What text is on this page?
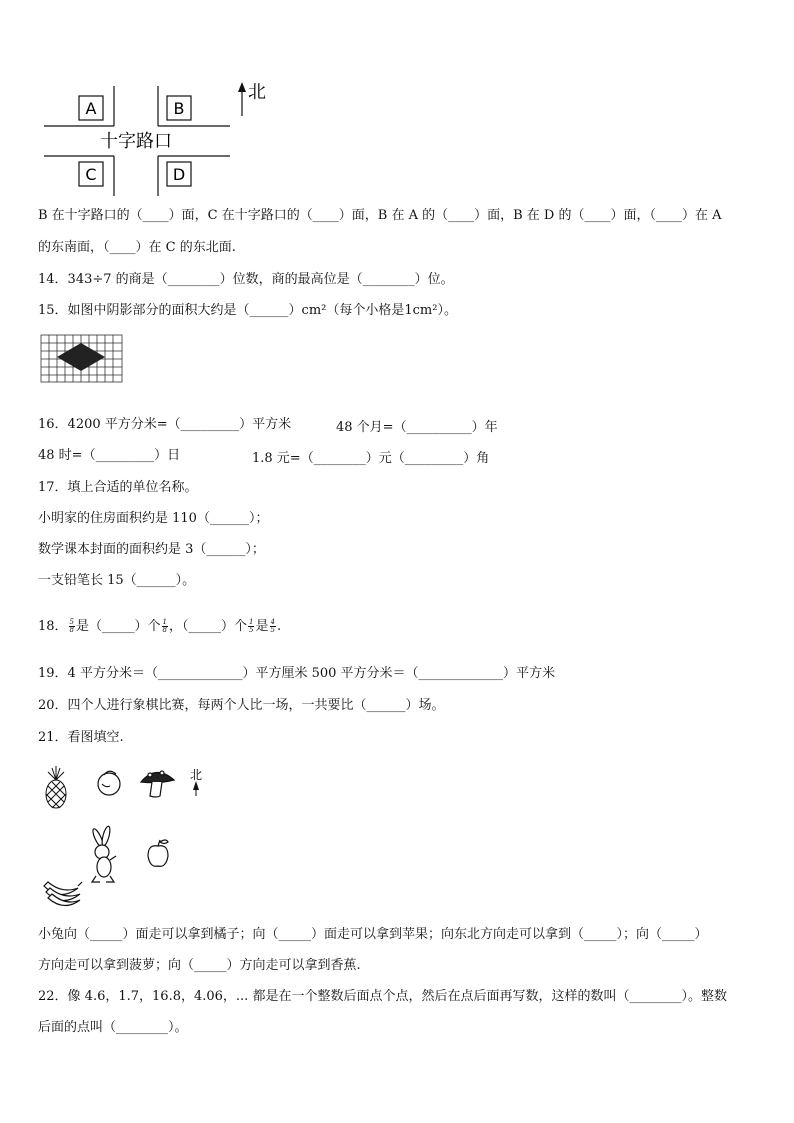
A	B
C	D
十字路口
北
B 在十字路口的（____）面，C 在十字路口的（____）面，B 在 A 的（____）面，B 在 D 的（____）面，（____）在 A
的东南面，（____）在 C 的东北面.
14．343÷7 的商是（________）位数，商的最高位是（________）位。
15．如图中阴影部分的面积大约是（______）cm²（每个小格是1cm²）。
16．4200 平方分米=（_________）平方米	48 个月=（__________）年
48 时=（_________）日	1.8 元=（________）元（_________）角
17．填上合适的单位名称。
小明家的住房面积约是 110（______）；
数学课本封面的面积约是 3（______）；
一支铅笔长 15（______）。
18． $\frac{5}{8}$ 是（_____）个 $\frac{1}{8}$ ，（_____）个 $\frac{1}{5}$ 是 $\frac{4}{5}$ .
19．4 平方分米＝（_____________）平方厘米 500 平方分米＝（_____________）平方米
20．四个人进行象棋比赛，每两个人比一场，一共要比（______）场。
21．看图填空.
北
小兔向（_____）面走可以拿到橘子；向（_____）面走可以拿到苹果；向东北方向走可以拿到（_____）；向（_____）
方向走可以拿到菠萝；向（_____）方向走可以拿到香蕉.
22．像 4.6，1.7，16.8，4.06，... 都是在一个整数后面点个点，然后在点后面再写数，这样的数叫（________）。整数
后面的点叫（________）。
